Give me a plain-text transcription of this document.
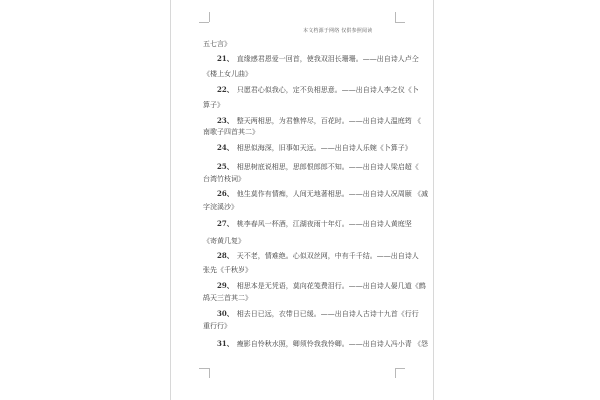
本文档源于网络 仅供参照阅读
五七言》
21、 直缘感君恩爱一回首，使我双泪长珊珊。——出自诗人卢仝
《楼上女儿曲》
22、 只愿君心似我心，定不负相思意。——出自诗人李之仪《卜
算子》
23、 整天两相思，为君憔悴尽，百花时。——出自诗人温庭筠 《
南歌子四首其二》
24、 相思似海深，旧事如天远。——出自诗人乐婉《卜算子》
25、 相思树底说相思，思郎恨郎郎不知。——出自诗人梁启超《
台湾竹枝词》
26、 他生莫作有情痴，人间无地著相思。——出自诗人况周颐 《减
字浣溪沙》
27、 桃李春风一杯酒，江湖夜雨十年灯。——出自诗人黄庭坚
《寄黄几复》
28、 天不老，情难绝。心似双丝网，中有千千结。——出自诗人
张先《千秋岁》
29、 相思本是无凭语，莫向花笺费泪行。——出自诗人晏几道《鹧
鸪天三首其二》
30、 相去日已远，衣带日已缓。——出自诗人古诗十九首《行行
重行行》
31、 瘦影自怜秋水照，卿须怜我我怜卿。——出自诗人冯小青 《怨
